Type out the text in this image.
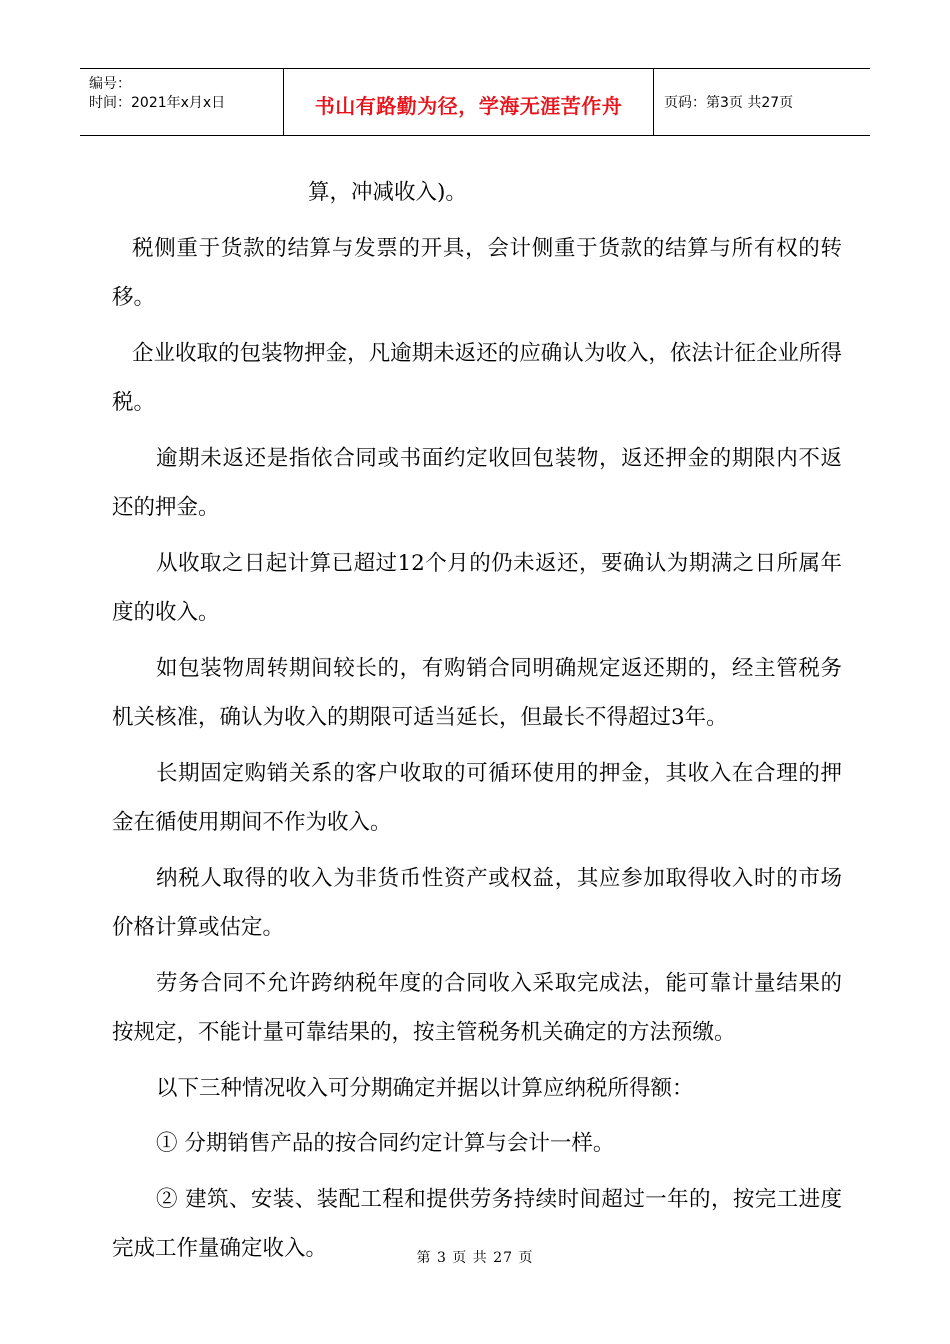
编号：
时间：2021年x月x日	书山有路勤为径，学海无涯苦作舟	页码：第3页 共27页

算，冲减收入)。

税侧重于货款的结算与发票的开具，会计侧重于货款的结算与所有权的转移。

企业收取的包装物押金，凡逾期未返还的应确认为收入，依法计征企业所得税。

逾期未返还是指依合同或书面约定收回包装物，返还押金的期限内不返还的押金。

从收取之日起计算已超过12个月的仍未返还，要确认为期满之日所属年度的收入。

如包装物周转期间较长的，有购销合同明确规定返还期的，经主管税务机关核准，确认为收入的期限可适当延长，但最长不得超过3年。

长期固定购销关系的客户收取的可循环使用的押金，其收入在合理的押金在循使用期间不作为收入。

纳税人取得的收入为非货币性资产或权益，其应参加取得收入时的市场价格计算或估定。

劳务合同不允许跨纳税年度的合同收入采取完成法，能可靠计量结果的按规定，不能计量可靠结果的，按主管税务机关确定的方法预缴。

以下三种情况收入可分期确定并据以计算应纳税所得额：

① 分期销售产品的按合同约定计算与会计一样。

② 建筑、安装、装配工程和提供劳务持续时间超过一年的，按完工进度完成工作量确定收入。	第 3 页 共 27 页
